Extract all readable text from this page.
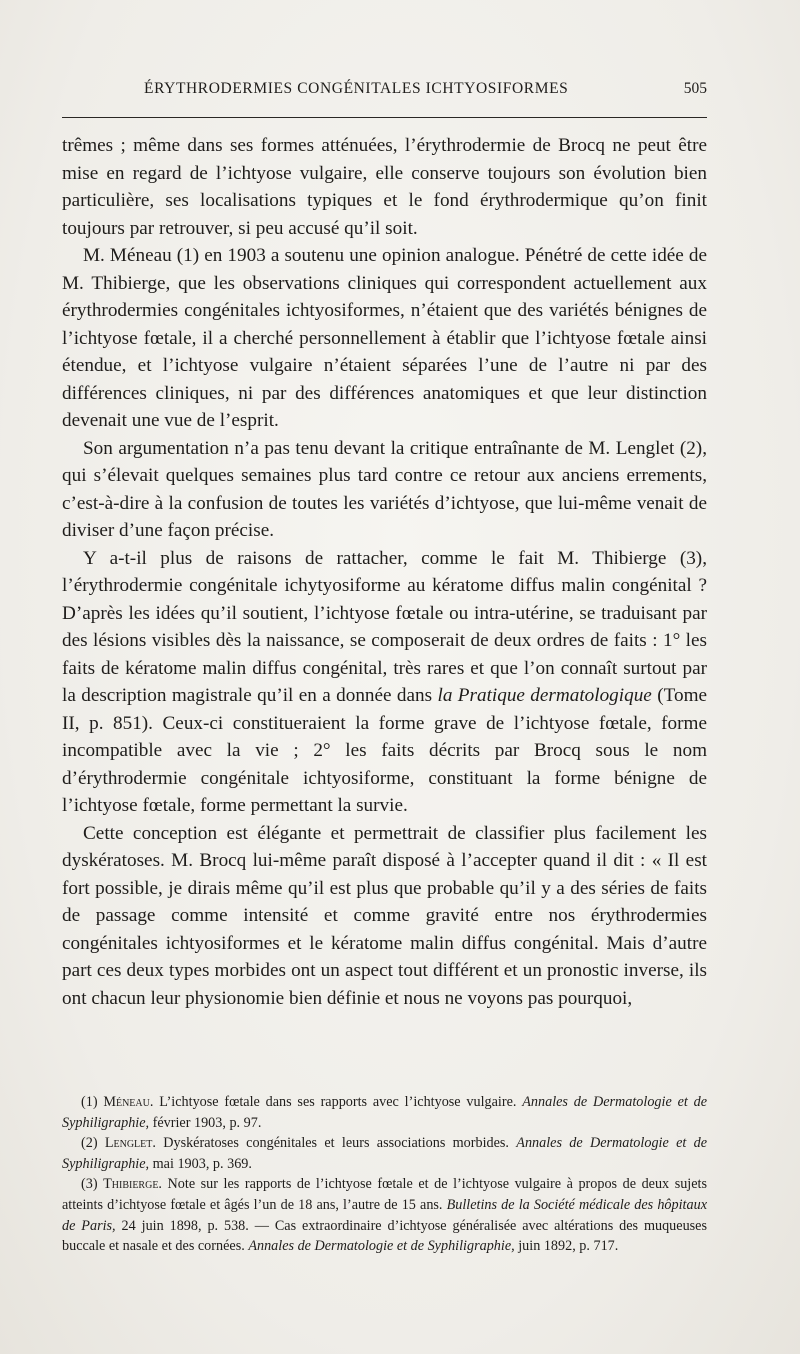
ÉRYTHRODERMIES CONGÉNITALES ICHTYOSIFORMES	505

trêmes ; même dans ses formes atténuées, l’érythrodermie de Brocq ne peut être mise en regard de l’ichtyose vulgaire, elle conserve toujours son évolution bien particulière, ses localisations typiques et le fond érythrodermique qu’on finit toujours par retrouver, si peu accusé qu’il soit.

M. Méneau (1) en 1903 a soutenu une opinion analogue. Pénétré de cette idée de M. Thibierge, que les observations cliniques qui correspondent actuellement aux érythrodermies congénitales ichtyosiformes, n’étaient que des variétés bénignes de l’ichtyose fœtale, il a cherché personnellement à établir que l’ichtyose fœtale ainsi étendue, et l’ichtyose vulgaire n’étaient séparées l’une de l’autre ni par des différences cliniques, ni par des différences anatomiques et que leur distinction devenait une vue de l’esprit.

Son argumentation n’a pas tenu devant la critique entraînante de M. Lenglet (2), qui s’élevait quelques semaines plus tard contre ce retour aux anciens errements, c’est-à-dire à la confusion de toutes les variétés d’ichtyose, que lui-même venait de diviser d’une façon précise.

Y a-t-il plus de raisons de rattacher, comme le fait M. Thibierge (3), l’érythrodermie congénitale ichytyosiforme au kératome diffus malin congénital ? D’après les idées qu’il soutient, l’ichtyose fœtale ou intra-utérine, se traduisant par des lésions visibles dès la naissance, se composerait de deux ordres de faits : 1° les faits de kératome malin diffus congénital, très rares et que l’on connaît surtout par la description magistrale qu’il en a donnée dans la Pratique dermatologique (Tome II, p. 851). Ceux-ci constitueraient la forme grave de l’ichtyose fœtale, forme incompatible avec la vie ; 2° les faits décrits par Brocq sous le nom d’érythrodermie congénitale ichtyosiforme, constituant la forme bénigne de l’ichtyose fœtale, forme permettant la survie.

Cette conception est élégante et permettrait de classifier plus facilement les dyskératoses. M. Brocq lui-même paraît disposé à l’accepter quand il dit : « Il est fort possible, je dirais même qu’il est plus que probable qu’il y a des séries de faits de passage comme intensité et comme gravité entre nos érythrodermies congénitales ichtyosiformes et le kératome malin diffus congénital. Mais d’autre part ces deux types morbides ont un aspect tout différent et un pronostic inverse, ils ont chacun leur physionomie bien définie et nous ne voyons pas pourquoi,

(1) Méneau. L’ichtyose fœtale dans ses rapports avec l’ichtyose vulgaire. Annales de Dermatologie et de Syphiligraphie, février 1903, p. 97.

(2) Lenglet. Dyskératoses congénitales et leurs associations morbides. Annales de Dermatologie et de Syphiligraphie, mai 1903, p. 369.

(3) Thibierge. Note sur les rapports de l’ichtyose fœtale et de l’ichtyose vulgaire à propos de deux sujets atteints d’ichtyose fœtale et âgés l’un de 18 ans, l’autre de 15 ans. Bulletins de la Société médicale des hôpitaux de Paris, 24 juin 1898, p. 538. — Cas extraordinaire d’ichtyose généralisée avec altérations des muqueuses buccale et nasale et des cornées. Annales de Dermatologie et de Syphiligraphie, juin 1892, p. 717.
